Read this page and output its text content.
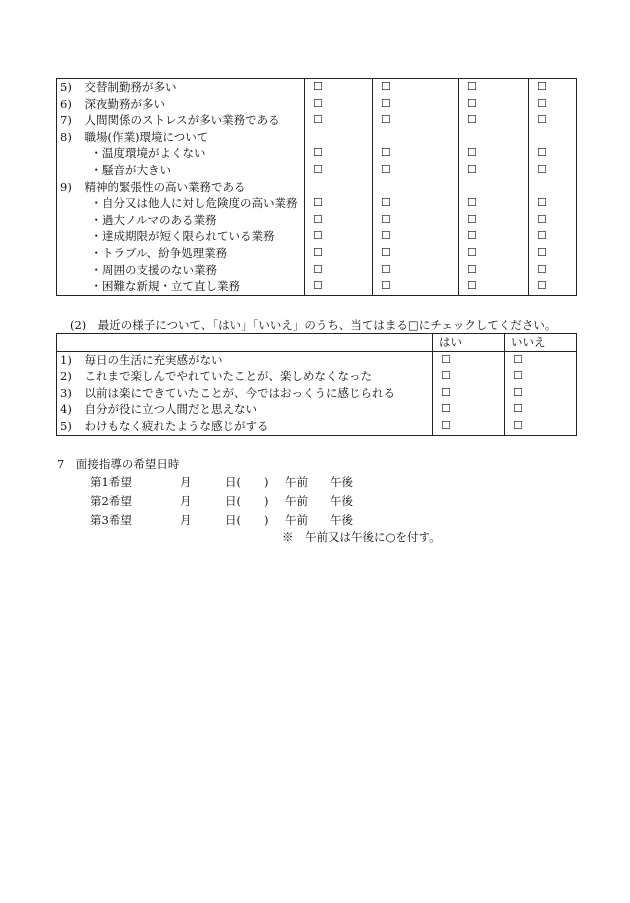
5)	交替制勤務が多い	☐	☐	☐	☐
6)	深夜勤務が多い	☐	☐	☐	☐
7)	人間関係のストレスが多い業務である	☐	☐	☐	☐
8)	職場(作業)環境について				
	・温度環境がよくない	☐	☐	☐	☐
	・騒音が大きい	☐	☐	☐	☐
9)	精神的緊張性の高い業務である				
	・自分又は他人に対し危険度の高い業務	☐	☐	☐	☐
	・過大ノルマのある業務	☐	☐	☐	☐
	・達成期限が短く限られている業務	☐	☐	☐	☐
	・トラブル、紛争処理業務	☐	☐	☐	☐
	・周囲の支援のない業務	☐	☐	☐	☐
	・困難な新規・立て直し業務	☐	☐	☐	☐
(2)　最近の様子について、「はい」「いいえ」のうち、当てはまる□にチェックしてください。
		はい	いいえ
1)	毎日の生活に充実感がない	☐	☐
2)	これまで楽しんでやれていたことが、楽しめなくなった	☐	☐
3)	以前は楽にできていたことが、今ではおっくうに感じられる	☐	☐
4)	自分が役に立つ人間だと思えない	☐	☐
5)	わけもなく疲れたような感じがする	☐	☐
7　面接指導の希望日時
第1希望	月	日( ) 午前 午後
第2希望	月	日( ) 午前 午後
第3希望	月	日( ) 午前 午後
※　午前又は午後に○を付す。
